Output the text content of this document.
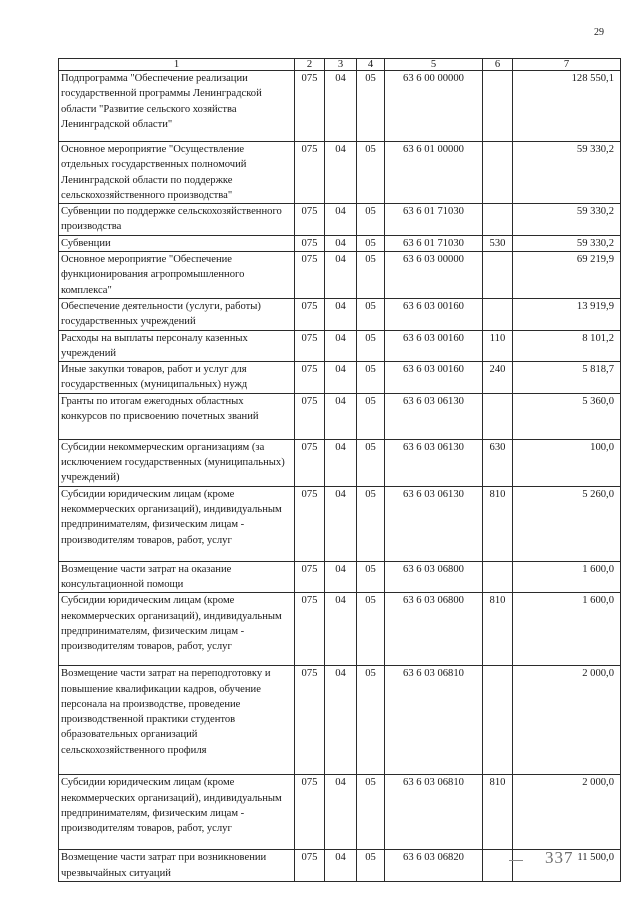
29
1	2	3	4	5	6	7
Подпрограмма "Обеспечение реализации государственной программы Ленинградской области "Развитие сельского хозяйства Ленинградской области"	075	04	05	63 6 00 00000		128 550,1
Основное мероприятие "Осуществление отдельных государственных полномочий Ленинградской области по поддержке сельскохозяйственного производства"	075	04	05	63 6 01 00000		59 330,2
Субвенции по поддержке сельскохозяйственного производства	075	04	05	63 6 01 71030		59 330,2
Субвенции	075	04	05	63 6 01 71030	530	59 330,2
Основное мероприятие "Обеспечение функционирования агропромышленного комплекса"	075	04	05	63 6 03 00000		69 219,9
Обеспечение деятельности (услуги, работы) государственных учреждений	075	04	05	63 6 03 00160		13 919,9
Расходы на выплаты персоналу казенных учреждений	075	04	05	63 6 03 00160	110	8 101,2
Иные закупки товаров, работ и услуг для государственных (муниципальных) нужд	075	04	05	63 6 03 00160	240	5 818,7
Гранты по итогам ежегодных областных конкурсов по присвоению почетных званий	075	04	05	63 6 03 06130		5 360,0
Субсидии некоммерческим организациям (за исключением государственных (муниципальных) учреждений)	075	04	05	63 6 03 06130	630	100,0
Субсидии юридическим лицам (кроме некоммерческих организаций), индивидуальным предпринимателям, физическим лицам - производителям товаров, работ, услуг	075	04	05	63 6 03 06130	810	5 260,0
Возмещение части затрат на оказание консультационной помощи	075	04	05	63 6 03 06800		1 600,0
Субсидии юридическим лицам (кроме некоммерческих организаций), индивидуальным предпринимателям, физическим лицам - производителям товаров, работ, услуг	075	04	05	63 6 03 06800	810	1 600,0
Возмещение части затрат на переподготовку и повышение квалификации кадров, обучение персонала на производстве, проведение производственной практики студентов образовательных организаций сельскохозяйственного профиля	075	04	05	63 6 03 06810		2 000,0
Субсидии юридическим лицам (кроме некоммерческих организаций), индивидуальным предпринимателям, физическим лицам - производителям товаров, работ, услуг	075	04	05	63 6 03 06810	810	2 000,0
Возмещение части затрат при возникновении чрезвычайных ситуаций	075	04	05	63 6 03 06820		11 500,0
337
